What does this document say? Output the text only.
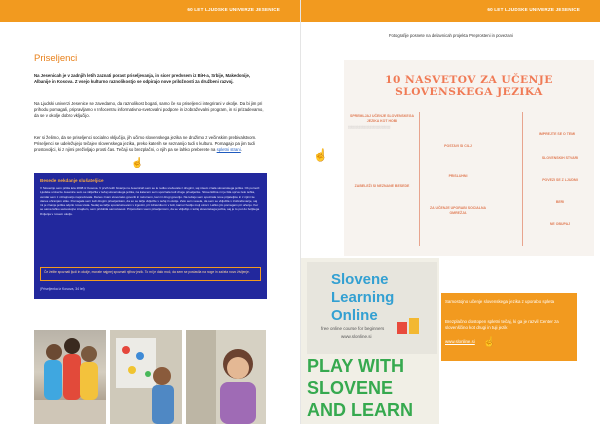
60 LET LJUDSKE UNIVERZE JESENICE
Priseljenci

Na Jesenicah je v zadnjih letih zaznati porast priseljevanja, in sicer predvsem iz BiH-a, Srbije, Makedonije, Albanije in Kosova. Z vsejo kulturno raznolikostjo se odpirajo nove priložnosti za družbeni razvoj.

Na Ljudski univerzi Jesenice se zavedamo, da raznolikost bogati, samo če so priseljenci integrirani v okolje. Da bi jim pri prihodu pomagali, pripravljamo v Infocentru informativno-svetovalni podpore in izobraževalni program, in si prizadevamo, da se v okolje dobro vključijo.

Ker si želimo, da se priseljenci socialno vključijo, jih učimo slovenskega jezika ne družimo z večinskim prebivalstvom. Priseljenci se udeležujejo tečajev slovenskega jezika, preko katerih se seznanijo tudi s kulturo. Pomagajo pa jim tudi prostovoljci, ki z njimi preživljajo prosti čas. Tečaji so brezplačni, o njih pa se lahko preberete na spletni strani.

☝
Besede nekdanje slušateljice

V Slovenijo sem prišla leta 2008 iz Kosova. V prvih letih bivanja na Jesenicah sem se le redko srečevala z drugimi, saj nisem znala slovenskega jezika. Ob pomoči Ljudske univerze Jesenice sem se vključila v tečaj slovenskega jezika, na katerem sem spoznala tudi druge priseljenke. Slovenščina mi je bila sprva zelo težka, vendar sem z vztrajnostjo napredovala. Danes znam slovensko govoriti in razumem, kar mi drugi govorijo. Na tečaju sem spoznala nove prijateljice in z njimi še danes ohranjam stike. Pomagala sem tudi drugim priseljenkam, da so se lažje vključile v tečaj in okolje. Zelo sem vesela, da sem se vključila v izobraževanje, saj mi je znanje jezika odprlo nova vrata. Sedaj se lažje sporazumevam v trgovini, pri zdravniku in v šoli, kamor hodijo moji otroci. Lahko jim pomagam pri učenju. Ker se sama lahko samostojno znajdem, sem pridobila samozavest. Priporočam vsem priseljencem, da se vključijo v tečaj slovenskega jezika, saj je to pot do boljšega življenja v novem okolju.

Če želite spoznati ljudi in okolje, morate najprej spoznati njihov jezik. To mi je dalo moč, da sem se postavila na noge in začela novo življenje.
(Priseljenka iz Kosova, 34 let)
60 LET LJUDSKE UNIVERZE JESENICE
Fotografije posnete na delavnicah projekta Preprosteni in povezani
10 NASVETOV ZA UČENJE
SLOVENSKEGA JEZIKA
SPREMLJAJ UČENJE SLOVENSKEGA JEZIKA KOT HOBI
░░░░░░░░░░░░░░░░░░░░░░░
POSTAVI SI CILJ
ZABELEŽI SI NEZNANE BESEDE
PRISLUHNI
ZA UČENJE UPORABI SOCIALNA OMREŽJA
IMPREJTE SE O TEMI
SLOVENSKIH STVARI
POVEZI SE Z LJUDMI
BERI
NE OBUPAJ
☝
Slovene
Learning
Online
free online course for beginners
www.slonline.si
PLAY WITH
SLOVENE
AND LEARN

Samostojno učenje slovenskega jezika z uporabo spleta

Brezplačno dostopen spletni tečaj, ki ga je razvil Center za slovenščino kot drugi in tuji jezik

www.slonline.si ☝
